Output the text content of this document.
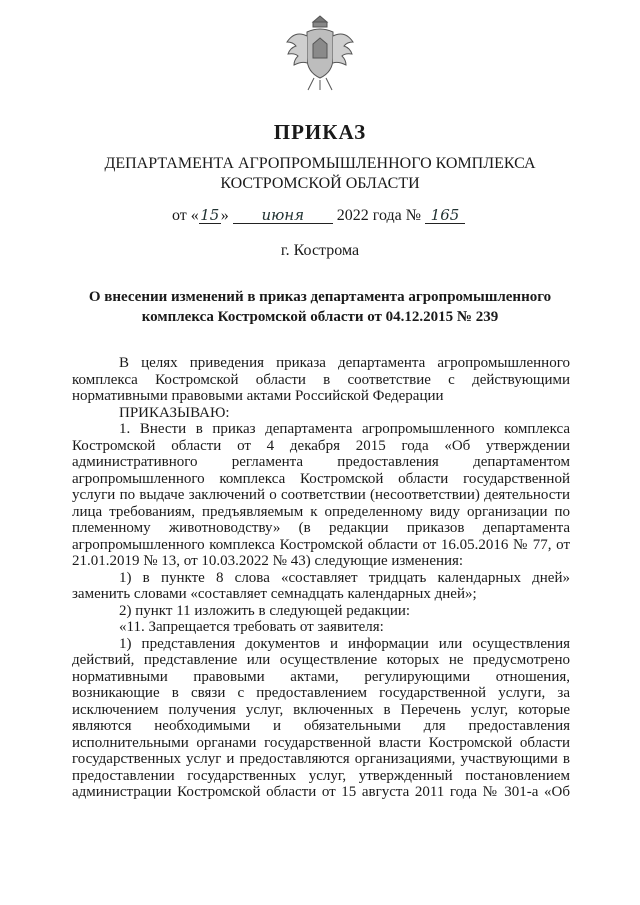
ПРИКАЗ
ДЕПАРТАМЕНТА АГРОПРОМЫШЛЕННОГО КОМПЛЕКСА
КОСТРОМСКОЙ ОБЛАСТИ
от «15» июня 2022 года № 165
г. Кострома
О внесении изменений в приказ департамента агропромышленного
комплекса Костромской области от 04.12.2015 № 239

В целях приведения приказа департамента агропромышленного комплекса Костромской области в соответствие с действующими нормативными правовыми актами Российской Федерации

ПРИКАЗЫВАЮ:

1. Внести в приказ департамента агропромышленного комплекса Костромской области от 4 декабря 2015 года «Об утверждении административного регламента предоставления департаментом агропромышленного комплекса Костромской области государственной услуги по выдаче заключений о соответствии (несоответствии) деятельности лица требованиям, предъявляемым к определенному виду организации по племенному животноводству» (в редакции приказов департамента агропромышленного комплекса Костромской области от 16.05.2016 № 77, от 21.01.2019 № 13, от 10.03.2022 № 43) следующие изменения:

1) в пункте 8 слова «составляет тридцать календарных дней» заменить словами «составляет семнадцать календарных дней»;

2) пункт 11 изложить в следующей редакции:

«11. Запрещается требовать от заявителя:

1) представления документов и информации или осуществления действий, представление или осуществление которых не предусмотрено нормативными правовыми актами, регулирующими отношения, возникающие в связи с предоставлением государственной услуги, за исключением получения услуг, включенных в Перечень услуг, которые являются необходимыми и обязательными для предоставления исполнительными органами государственной власти Костромской области государственных услуг и предоставляются организациями, участвующими в предоставлении государственных услуг, утвержденный постановлением администрации Костромской области от 15 августа 2011 года № 301-а «Об
